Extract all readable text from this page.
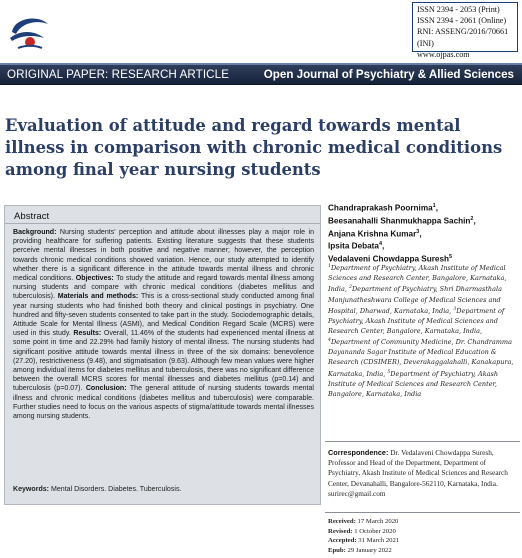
ISSN 2394 - 2053 (Print)
ISSN 2394 - 2061 (Online)
RNI: ASSENG/2016/70661 (INI)
www.ojpas.com
ORIGINAL PAPER: RESEARCH ARTICLE	Open Journal of Psychiatry & Allied Sciences
Evaluation of attitude and regard towards mental illness in comparison with chronic medical conditions among final year nursing students
Abstract
Background: Nursing students' perception and attitude about illnesses play a major role in providing healthcare for suffering patients. Existing literature suggests that these students perceive mental illnesses in both positive and negative manner; however, the perception towards chronic medical conditions showed variation. Hence, our study attempted to identify whether there is a significant difference in the attitude towards mental illness and chronic medical conditions. Objectives: To study the attitude and regard towards mental illness among nursing students and compare with chronic medical conditions (diabetes mellitus and tuberculosis). Materials and methods: This is a cross-sectional study conducted among final year nursing students who had finished both theory and clinical postings in psychiatry. One hundred and fifty-seven students consented to take part in the study. Sociodemographic details, Attitude Scale for Mental Illness (ASMI), and Medical Condition Regard Scale (MCRS) were used in this study. Results: Overall, 11.46% of the students had experienced mental illness at some point in time and 22.29% had family history of mental illness. The nursing students had significant positive attitude towards mental illness in three of the six domains: benevolence (27.20), restrictiveness (9.48), and stigmatisation (9.63). Although few mean values were higher among individual items for diabetes mellitus and tuberculosis, there was no significant difference between the overall MCRS scores for mental illnesses and diabetes mellitus (p=0.14) and tuberculosis (p=0.07). Conclusion: The general attitude of nursing students towards mental illness and chronic medical conditions (diabetes mellitus and tuberculosis) were comparable. Further studies need to focus on the various aspects of stigma/attitude towards mental illnesses among nursing students.
Keywords: Mental Disorders. Diabetes. Tuberculosis.
Chandraprakash Poornima$^1$,
Beesanahalli Shanmukhappa Sachin$^2$,
Anjana Krishna Kumar$^3$,
Ipsita Debata$^4$,
Vedalaveni Chowdappa Suresh$^5$
$^1$Department of Psychiatry, Akash Institute of Medical Sciences and Research Center, Bangalore, Karnataka, India, $^2$Department of Psychiatry, Shri Dharmasthala Manjunatheshwara College of Medical Sciences and Hospital, Dharwad, Karnataka, India, $^3$Department of Psychiatry, Akash Institute of Medical Sciences and Research Center, Bangalore, Karnataka, India, $^4$Department of Community Medicine, Dr. Chandramma Dayananda Sagar Institute of Medical Education & Research (CDSIMER), Deverakaggalahalli, Kanakapura, Karnataka, India, $^5$Department of Psychiatry, Akash Institute of Medical Sciences and Research Center, Bangalore, Karnataka, India
Correspondence: Dr. Vedalaveni Chowdappa Suresh, Professor and Head of the Department, Department of Psychiatry, Akash Institute of Medical Sciences and Research Center, Devanahalli, Bangalore-562110, Karnataka, India. surirec@gmail.com
Received: 17 March 2020
Revised: 1 October 2020
Accepted: 31 March 2021
Epub: 29 January 2022
